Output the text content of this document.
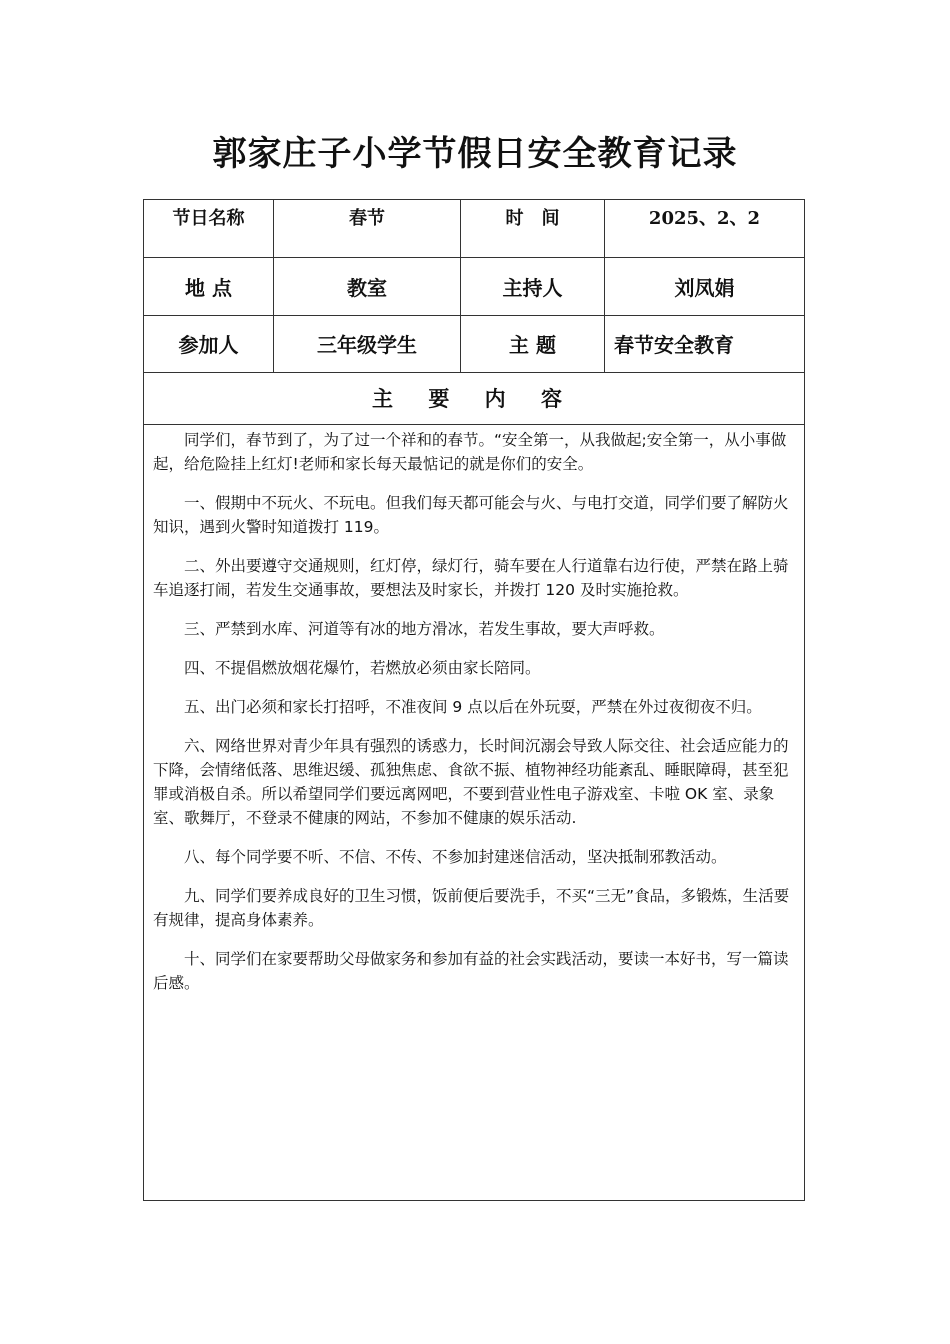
郭家庄子小学节假日安全教育记录
节日名称	春节	时　间	2025、2、2
地 点	教室	主持人	刘凤娟
参加人	三年级学生	主 题	春节安全教育
主 要 内 容

同学们，春节到了，为了过一个祥和的春节。“安全第一，从我做起;安全第一，从小事做起，给危险挂上红灯!老师和家长每天最惦记的就是你们的安全。

一、假期中不玩火、不玩电。但我们每天都可能会与火、与电打交道，同学们要了解防火知识，遇到火警时知道拨打 119。

二、外出要遵守交通规则，红灯停，绿灯行，骑车要在人行道靠右边行使，严禁在路上骑车追逐打闹，若发生交通事故，要想法及时家长，并拨打 120 及时实施抢救。

三、严禁到水库、河道等有冰的地方滑冰，若发生事故，要大声呼救。

四、不提倡燃放烟花爆竹，若燃放必须由家长陪同。

五、出门必须和家长打招呼，不准夜间 9 点以后在外玩耍，严禁在外过夜彻夜不归。

六、网络世界对青少年具有强烈的诱惑力，长时间沉溺会导致人际交往、社会适应能力的下降，会情绪低落、思维迟缓、孤独焦虑、食欲不振、植物神经功能紊乱、睡眠障碍，甚至犯罪或消极自杀。所以希望同学们要远离网吧，不要到营业性电子游戏室、卡啦 OK 室、录象室、歌舞厅，不登录不健康的网站，不参加不健康的娱乐活动.

八、每个同学要不听、不信、不传、不参加封建迷信活动，坚决抵制邪教活动。

九、同学们要养成良好的卫生习惯，饭前便后要洗手，不买“三无”食品，多锻炼，生活要有规律，提高身体素养。

十、同学们在家要帮助父母做家务和参加有益的社会实践活动，要读一本好书，写一篇读后感。
